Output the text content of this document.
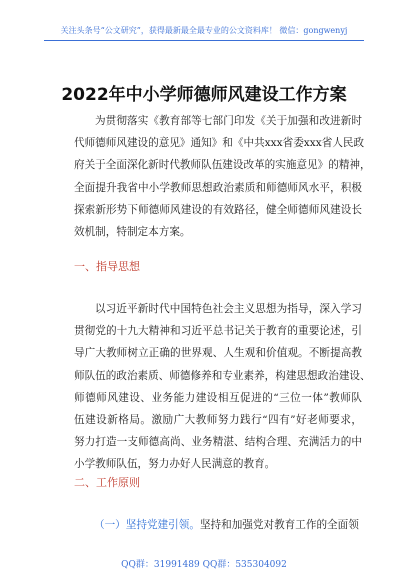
关注头条号“公文研究”，获得最新最全最专业的公文资料库！ 微信：gongwenyj
2022年中小学师德师风建设工作方案
为贯彻落实《教育部等七部门印发《关于加强和改进新时
代师德师风建设的意见》通知》和《中共xxx省委xxx省人民政
府关于全面深化新时代教师队伍建设改革的实施意见》的精神，
全面提升我省中小学教师思想政治素质和师德师风水平，积极
探索新形势下师德师风建设的有效路径，健全师德师风建设长
效机制，特制定本方案。
一、指导思想
以习近平新时代中国特色社会主义思想为指导，深入学习
贯彻党的十九大精神和习近平总书记关于教育的重要论述，引
导广大教师树立正确的世界观、人生观和价值观。不断提高教
师队伍的政治素质、师德修养和专业素养，构建思想政治建设、
师德师风建设、业务能力建设相互促进的“三位一体”教师队
伍建设新格局。激励广大教师努力践行“四有”好老师要求，
努力打造一支师德高尚、业务精湛、结构合理、充满活力的中
小学教师队伍，努力办好人民满意的教育。
二、工作原则
（一）坚持党建引领。坚持和加强党对教育工作的全面领
QQ群：31991489 QQ群：535304092
